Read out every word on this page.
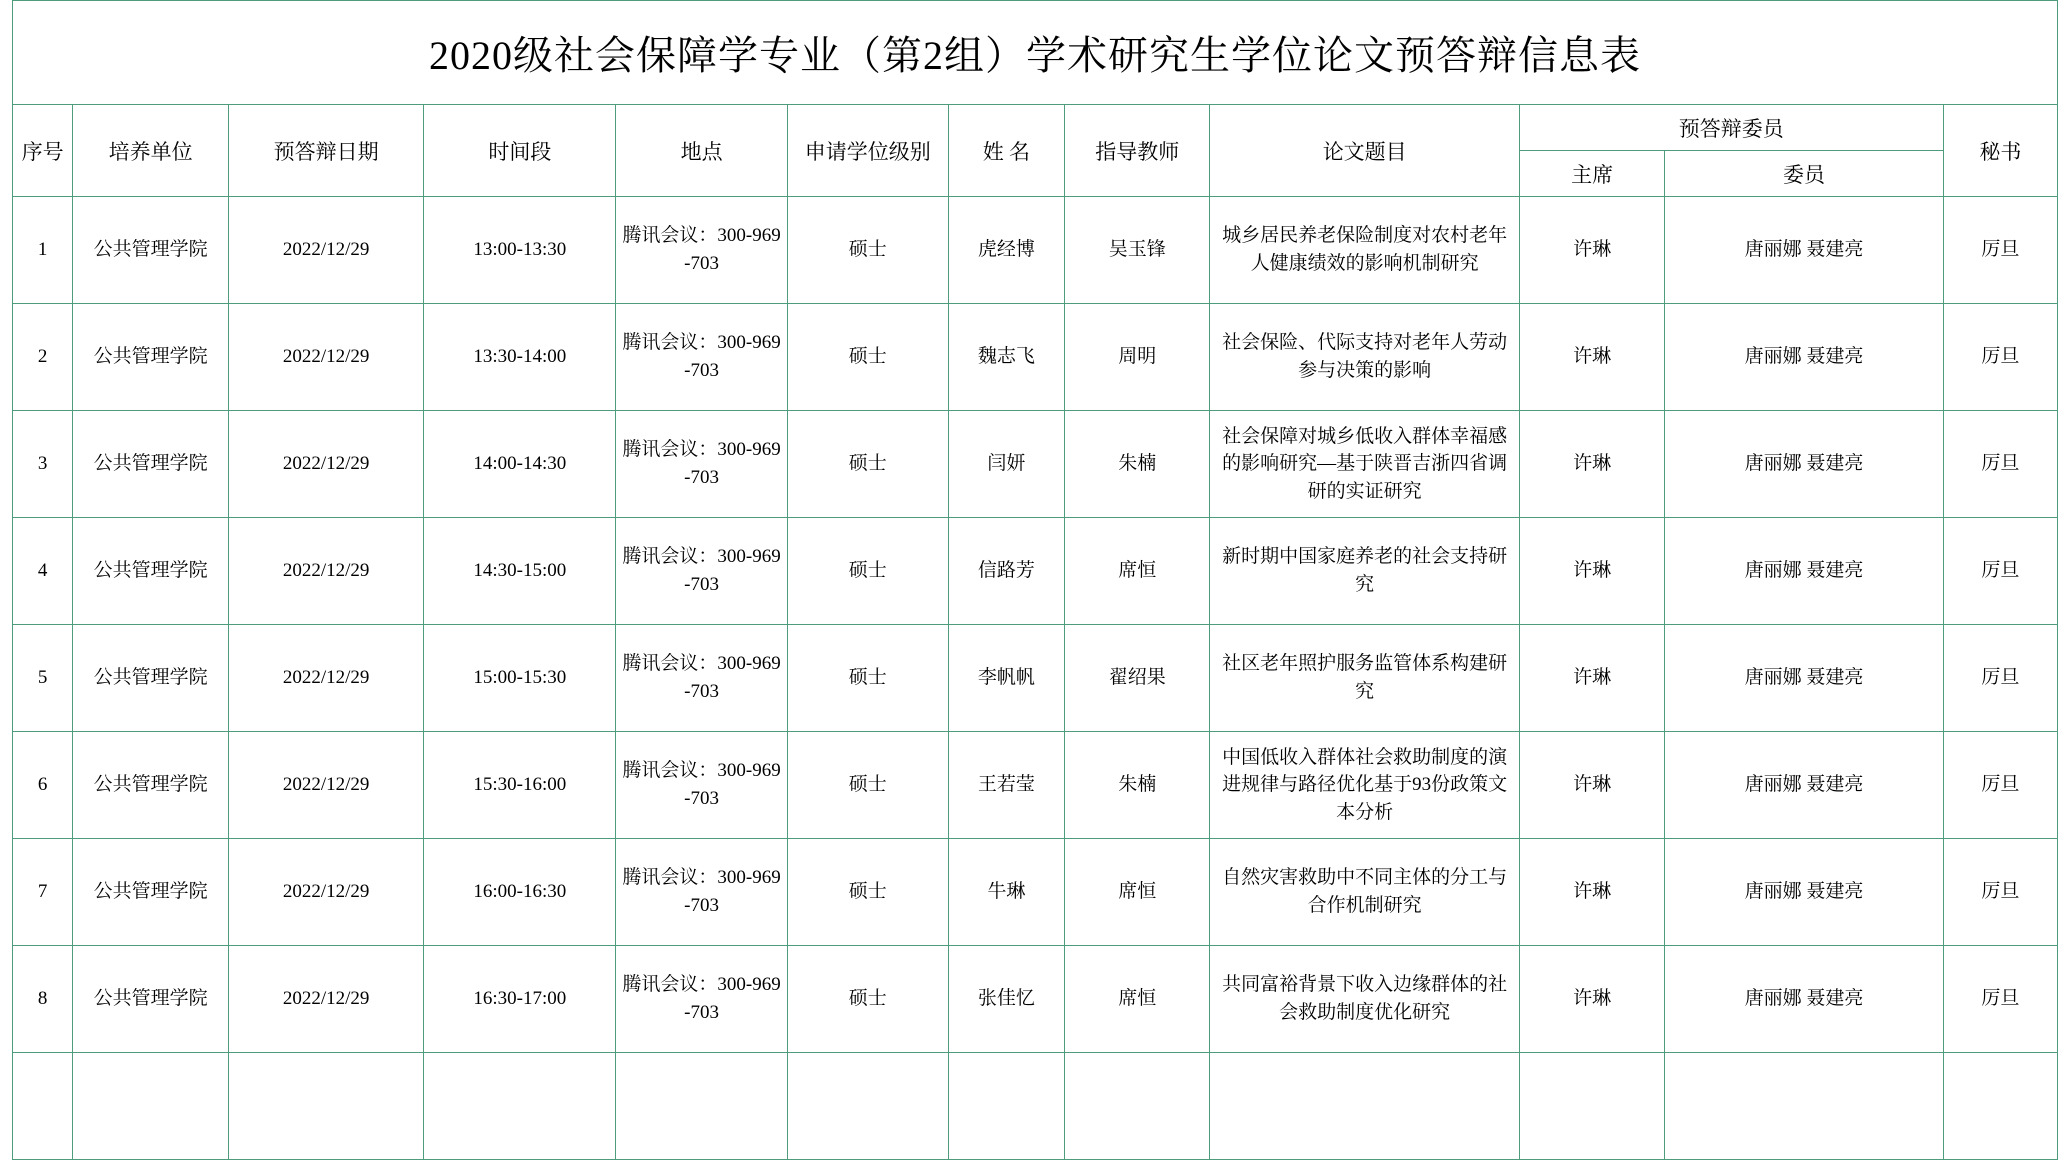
2020级社会保障学专业（第2组）学术研究生学位论文预答辩信息表											
序号	培养单位	预答辩日期	时间段	地点	申请学位级别	姓 名	指导教师	论文题目	预答辩委员		秘书
									主席	委员	
1	公共管理学院	2022/12/29	13:00-13:30	腾讯会议：300-969-703	硕士	虎经博	吴玉锋	城乡居民养老保险制度对农村老年人健康绩效的影响机制研究	许琳	唐丽娜 聂建亮	厉旦
2	公共管理学院	2022/12/29	13:30-14:00	腾讯会议：300-969-703	硕士	魏志飞	周明	社会保险、代际支持对老年人劳动参与决策的影响	许琳	唐丽娜 聂建亮	厉旦
3	公共管理学院	2022/12/29	14:00-14:30	腾讯会议：300-969-703	硕士	闫妍	朱楠	社会保障对城乡低收入群体幸福感的影响研究—基于陕晋吉浙四省调研的实证研究	许琳	唐丽娜 聂建亮	厉旦
4	公共管理学院	2022/12/29	14:30-15:00	腾讯会议：300-969-703	硕士	信路芳	席恒	新时期中国家庭养老的社会支持研究	许琳	唐丽娜 聂建亮	厉旦
5	公共管理学院	2022/12/29	15:00-15:30	腾讯会议：300-969-703	硕士	李帆帆	翟绍果	社区老年照护服务监管体系构建研究	许琳	唐丽娜 聂建亮	厉旦
6	公共管理学院	2022/12/29	15:30-16:00	腾讯会议：300-969-703	硕士	王若莹	朱楠	中国低收入群体社会救助制度的演进规律与路径优化基于93份政策文本分析	许琳	唐丽娜 聂建亮	厉旦
7	公共管理学院	2022/12/29	16:00-16:30	腾讯会议：300-969-703	硕士	牛琳	席恒	自然灾害救助中不同主体的分工与合作机制研究	许琳	唐丽娜 聂建亮	厉旦
8	公共管理学院	2022/12/29	16:30-17:00	腾讯会议：300-969-703	硕士	张佳忆	席恒	共同富裕背景下收入边缘群体的社会救助制度优化研究	许琳	唐丽娜 聂建亮	厉旦
